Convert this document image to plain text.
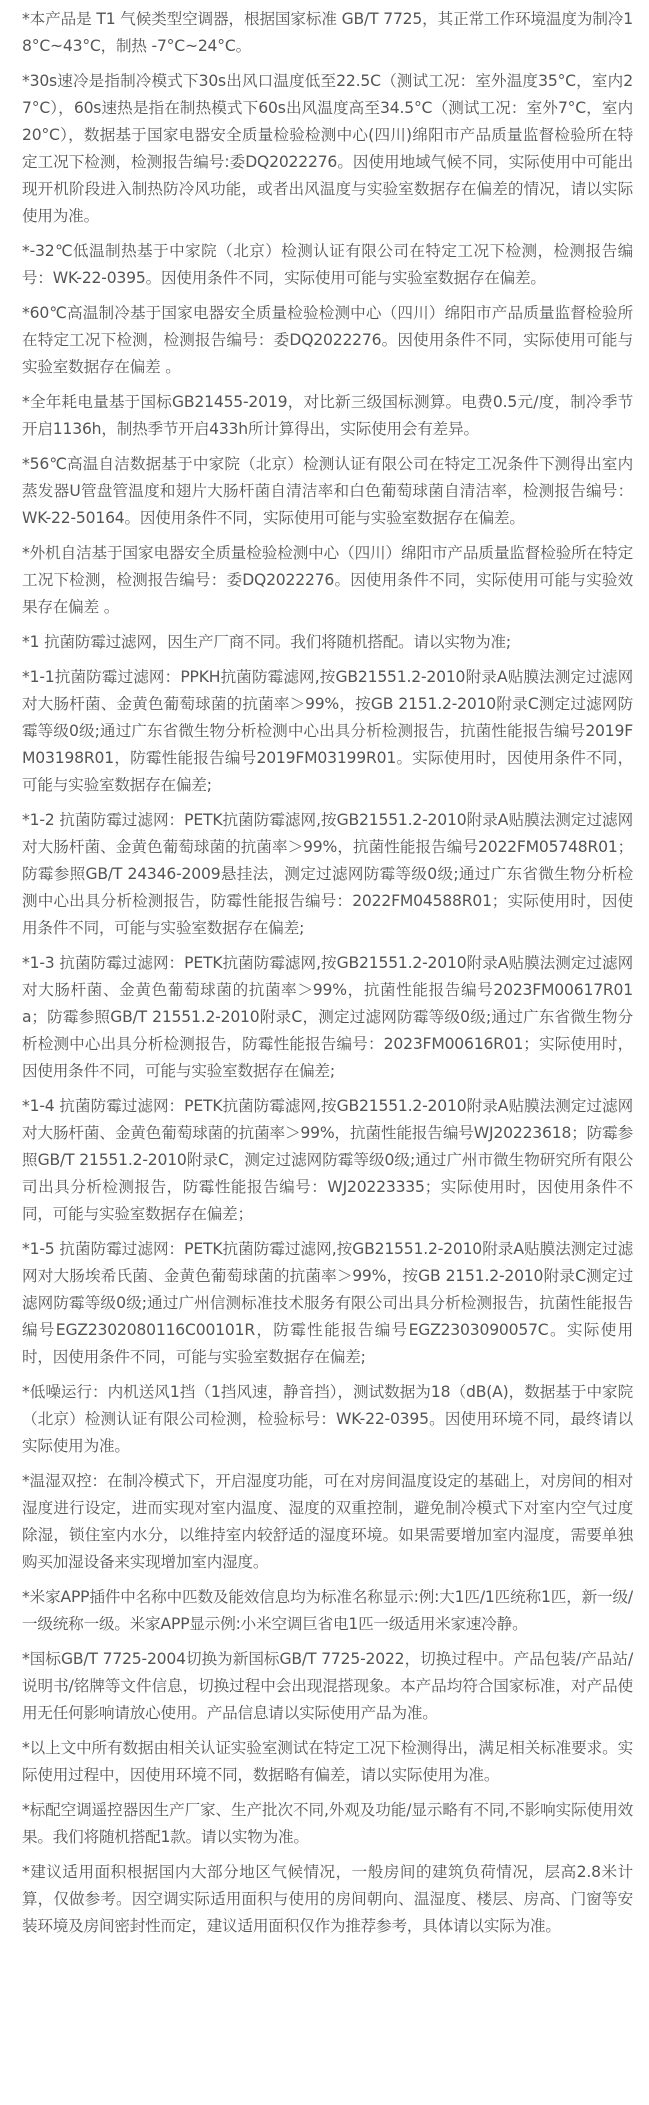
*本产品是 T1 气候类型空调器，根据国家标准 GB/T 7725，其正常工作环境温度为制冷18°C~43°C，制热 -7°C~24°C。

*30s速冷是指制冷模式下30s出风口温度低至22.5C（测试工况：室外温度35°C，室内27°C），60s速热是指在制热模式下60s出风温度高至34.5°C（测试工况：室外7°C，室内20°C），数据基于国家电器安全质量检验检测中心(四川)绵阳市产品质量监督检验所在特定工况下检测，检测报告编号:委DQ2022276。因使用地域气候不同，实际使用中可能出现开机阶段进入制热防冷风功能，或者出风温度与实验室数据存在偏差的情况，请以实际使用为准。

*-32℃低温制热基于中家院（北京）检测认证有限公司在特定工况下检测，检测报告编号：WK-22-0395。因使用条件不同，实际使用可能与实验室数据存在偏差。

*60℃高温制冷基于国家电器安全质量检验检测中心（四川）绵阳市产品质量监督检验所在特定工况下检测，检测报告编号：委DQ2022276。因使用条件不同，实际使用可能与实验室数据存在偏差 。

*全年耗电量基于国标GB21455-2019，对比新三级国标测算。电费0.5元/度，制冷季节开启1136h，制热季节开启433h所计算得出，实际使用会有差异。

*56℃高温自洁数据基于中家院（北京）检测认证有限公司在特定工况条件下测得出室内蒸发器U管盘管温度和翅片大肠杆菌自清洁率和白色葡萄球菌自清洁率，检测报告编号：WK-22-50164。因使用条件不同，实际使用可能与实验室数据存在偏差。

*外机自洁基于国家电器安全质量检验检测中心（四川）绵阳市产品质量监督检验所在特定工况下检测，检测报告编号：委DQ2022276。因使用条件不同，实际使用可能与实验效果存在偏差 。

*1 抗菌防霉过滤网，因生产厂商不同。我们将随机搭配。请以实物为准;

*1-1抗菌防霉过滤网：PPKH抗菌防霉滤网,按GB21551.2-2010附录A贴膜法测定过滤网对大肠杆菌、金黄色葡萄球菌的抗菌率＞99%，按GB 2151.2-2010附录C测定过滤网防霉等级0级;通过广东省微生物分析检测中心出具分析检测报告，抗菌性能报告编号2019FM03198R01，防霉性能报告编号2019FM03199R01。实际使用时，因使用条件不同，可能与实验室数据存在偏差;

*1-2 抗菌防霉过滤网：PETK抗菌防霉滤网,按GB21551.2-2010附录A贴膜法测定过滤网对大肠杆菌、金黄色葡萄球菌的抗菌率＞99%，抗菌性能报告编号2022FM05748R01；防霉参照GB/T 24346-2009悬挂法，测定过滤网防霉等级0级;通过广东省微生物分析检测中心出具分析检测报告，防霉性能报告编号：2022FM04588R01；实际使用时，因使用条件不同，可能与实验室数据存在偏差;

*1-3 抗菌防霉过滤网：PETK抗菌防霉滤网,按GB21551.2-2010附录A贴膜法测定过滤网对大肠杆菌、金黄色葡萄球菌的抗菌率＞99%，抗菌性能报告编号2023FM00617R01a；防霉参照GB/T 21551.2-2010附录C，测定过滤网防霉等级0级;通过广东省微生物分析检测中心出具分析检测报告，防霉性能报告编号：2023FM00616R01；实际使用时，因使用条件不同，可能与实验室数据存在偏差;

*1-4 抗菌防霉过滤网：PETK抗菌防霉滤网,按GB21551.2-2010附录A贴膜法测定过滤网对大肠杆菌、金黄色葡萄球菌的抗菌率＞99%，抗菌性能报告编号WJ20223618；防霉参照GB/T 21551.2-2010附录C，测定过滤网防霉等级0级;通过广州市微生物研究所有限公司出具分析检测报告，防霉性能报告编号：WJ20223335；实际使用时，因使用条件不同，可能与实验室数据存在偏差；

*1-5 抗菌防霉过滤网：PETK抗菌防霉过滤网,按GB21551.2-2010附录A贴膜法测定过滤网对大肠埃希氏菌、金黄色葡萄球菌的抗菌率＞99%，按GB 2151.2-2010附录C测定过滤网防霉等级0级;通过广州信测标准技术服务有限公司出具分析检测报告，抗菌性能报告编号EGZ2302080116C00101R，防霉性能报告编号EGZ2303090057C。实际使用时，因使用条件不同，可能与实验室数据存在偏差;

*低噪运行：内机送风1挡（1挡风速，静音挡），测试数据为18（dB(A)，数据基于中家院（北京）检测认证有限公司检测，检验标号：WK-22-0395。因使用环境不同，最终请以实际使用为准。

*温湿双控：在制冷模式下，开启湿度功能，可在对房间温度设定的基础上，对房间的相对湿度进行设定，进而实现对室内温度、湿度的双重控制，避免制冷模式下对室内空气过度除湿，锁住室内水分，以维持室内较舒适的湿度环境。如果需要增加室内湿度，需要单独购买加湿设备来实现增加室内湿度。

*米家APP插件中名称中匹数及能效信息均为标准名称显示:例:大1匹/1匹统称1匹，新一级/一级统称一级。米家APP显示例:小米空调巨省电1匹一级适用米家速冷静。

*国标GB/T 7725-2004切换为新国标GB/T 7725-2022，切换过程中。产品包装/产品站/说明书/铭牌等文件信息，切换过程中会出现混搭现象。本产品均符合国家标准，对产品使用无任何影响请放心使用。产品信息请以实际使用产品为准。

*以上文中所有数据由相关认证实验室测试在特定工况下检测得出，满足相关标准要求。实际使用过程中，因使用环境不同，数据略有偏差，请以实际使用为准。

*标配空调遥控器因生产厂家、生产批次不同,外观及功能/显示略有不同,不影响实际使用效果。我们将随机搭配1款。请以实物为准。

*建议适用面积根据国内大部分地区气候情况，一般房间的建筑负荷情况，层高2.8米计算，仅做参考。因空调实际适用面积与使用的房间朝向、温湿度、楼层、房高、门窗等安装环境及房间密封性而定，建议适用面积仅作为推荐参考，具体请以实际为准。
